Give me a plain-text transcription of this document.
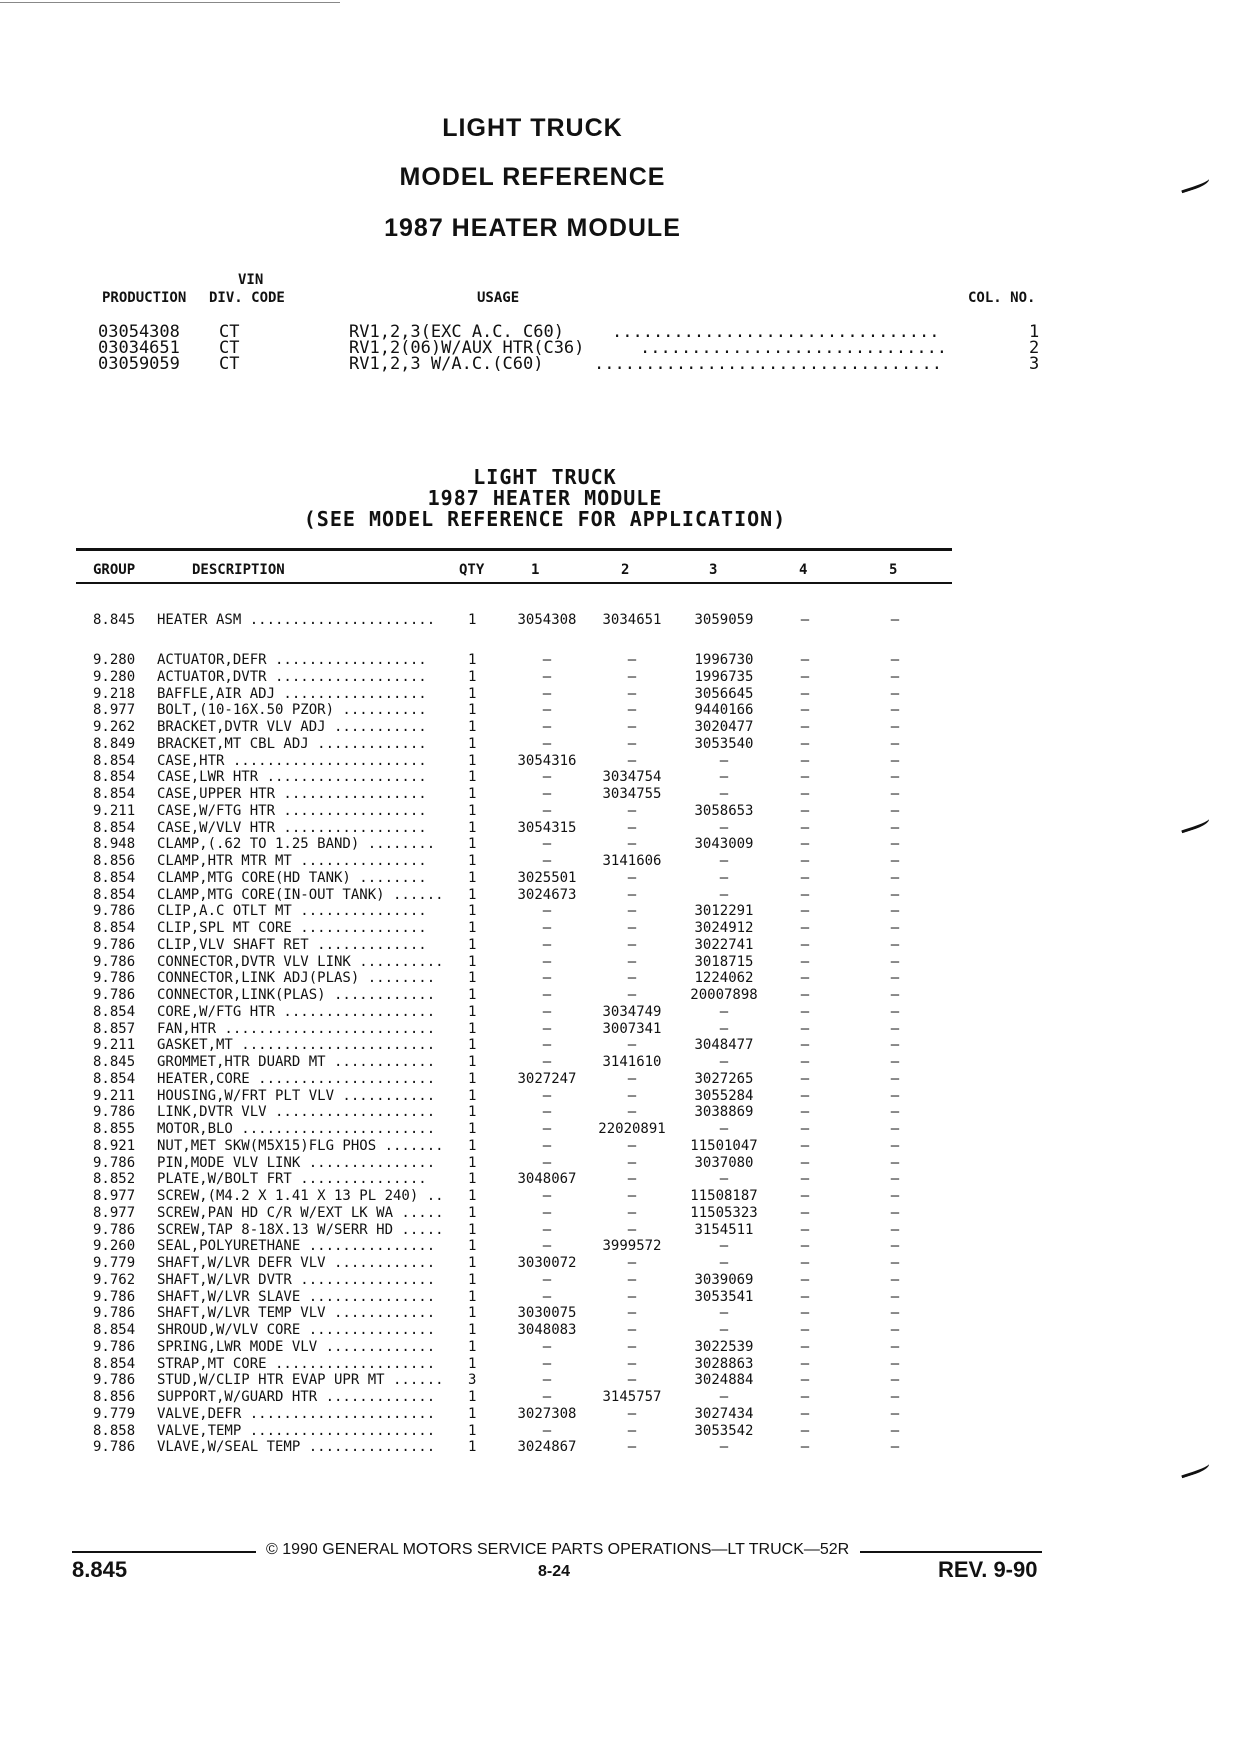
LIGHT TRUCK
MODEL REFERENCE
1987 HEATER MODULE
VIN
PRODUCTION DIV. CODE	USAGE	COL. NO.
03054308 CT	RV1,2,3(EXC A.C. C60)	................................	1
03034651 CT	RV1,2(06)W/AUX HTR(C36)	..............................	2
03059059 CT	RV1,2,3 W/A.C.(C60)	..................................	3
LIGHT TRUCK
1987 HEATER MODULE
(SEE MODEL REFERENCE FOR APPLICATION)
GROUP	DESCRIPTION	QTY	1	2	3	4	5
8.845 HEATER ASM ...................... 1	3054308	3034651	3059059	—	—
9.280 ACTUATOR,DEFR ..................	1	—	—	1996730	—	—
9.280 ACTUATOR,DVTR ..................	1	—	—	1996735	—	—
9.218 BAFFLE,AIR ADJ .................	1	—	—	3056645	—	—
8.977 BOLT,(10-16X.50 PZOR) ..........	1	—	—	9440166	—	—
9.262 BRACKET,DVTR VLV ADJ ...........	1	—	—	3020477	—	—
8.849 BRACKET,MT CBL ADJ .............	1	—	—	3053540	—	—
8.854 CASE,HTR .......................	1	3054316	—	—	—	—
8.854 CASE,LWR HTR ...................	1	—	3034754	—	—	—
8.854 CASE,UPPER HTR .................	1	—	3034755	—	—	—
9.211 CASE,W/FTG HTR .................	1	—	—	3058653	—	—
8.854 CASE,W/VLV HTR .................	1	3054315	—	—	—	—
8.948 CLAMP,(.62 TO 1.25 BAND) ........ 1	—	—	3043009	—	—
8.856 CLAMP,HTR MTR MT ...............	1	—	3141606	—	—	—
8.854 CLAMP,MTG CORE(HD TANK) ........	1	3025501	—	—	—	—
8.854 CLAMP,MTG CORE(IN-OUT TANK) ...... 1	3024673	—	—	—	—
9.786 CLIP,A.C OTLT MT ...............	1	—	—	3012291	—	—
8.854 CLIP,SPL MT CORE ...............	1	—	—	3024912	—	—
9.786 CLIP,VLV SHAFT RET .............	1	—	—	3022741	—	—
9.786 CONNECTOR,DVTR VLV LINK .......... 1	—	—	3018715	—	—
9.786 CONNECTOR,LINK ADJ(PLAS) ........ 1	—	—	1224062	—	—
9.786 CONNECTOR,LINK(PLAS) ............ 1	—	—	20007898	—	—
8.854 CORE,W/FTG HTR .................. 1	—	3034749	—	—	—
8.857 FAN,HTR ......................... 1	—	3007341	—	—	—
9.211 GASKET,MT ....................... 1	—	—	3048477	—	—
8.845 GROMMET,HTR DUARD MT ............ 1	—	3141610	—	—	—
8.854 HEATER,CORE ..................... 1	3027247	—	3027265	—	—
9.211 HOUSING,W/FRT PLT VLV ........... 1	—	—	3055284	—	—
9.786 LINK,DVTR VLV ................... 1	—	—	3038869	—	—
8.855 MOTOR,BLO ....................... 1	—	22020891	—	—	—
8.921 NUT,MET SKW(M5X15)FLG PHOS ....... 1	—	—	11501047	—	—
9.786 PIN,MODE VLV LINK ............... 1	—	—	3037080	—	—
8.852 PLATE,W/BOLT FRT ...............	1	3048067	—	—	—	—
8.977 SCREW,(M4.2 X 1.41 X 13 PL 240) .. 1	—	—	11508187	—	—
8.977 SCREW,PAN HD C/R W/EXT LK WA ..... 1	—	—	11505323	—	—
9.786 SCREW,TAP 8-18X.13 W/SERR HD ..... 1	—	—	3154511	—	—
9.260 SEAL,POLYURETHANE ............... 1	—	3999572	—	—	—
9.779 SHAFT,W/LVR DEFR VLV ............ 1	3030072	—	—	—	—
9.762 SHAFT,W/LVR DVTR ................ 1	—	—	3039069	—	—
9.786 SHAFT,W/LVR SLAVE ............... 1	—	—	3053541	—	—
9.786 SHAFT,W/LVR TEMP VLV ............ 1	3030075	—	—	—	—
8.854 SHROUD,W/VLV CORE ............... 1	3048083	—	—	—	—
9.786 SPRING,LWR MODE VLV ............. 1	—	—	3022539	—	—
8.854 STRAP,MT CORE ................... 1	—	—	3028863	—	—
9.786 STUD,W/CLIP HTR EVAP UPR MT ...... 3	—	—	3024884	—	—
8.856 SUPPORT,W/GUARD HTR ............. 1	—	3145757	—	—	—
9.779 VALVE,DEFR ...................... 1	3027308	—	3027434	—	—
8.858 VALVE,TEMP ...................... 1	—	—	3053542	—	—
9.786 VLAVE,W/SEAL TEMP ............... 1	3024867	—	—	—	—
8.845
© 1990 GENERAL MOTORS SERVICE PARTS OPERATIONS—LT TRUCK—52R
8-24	REV. 9-90
